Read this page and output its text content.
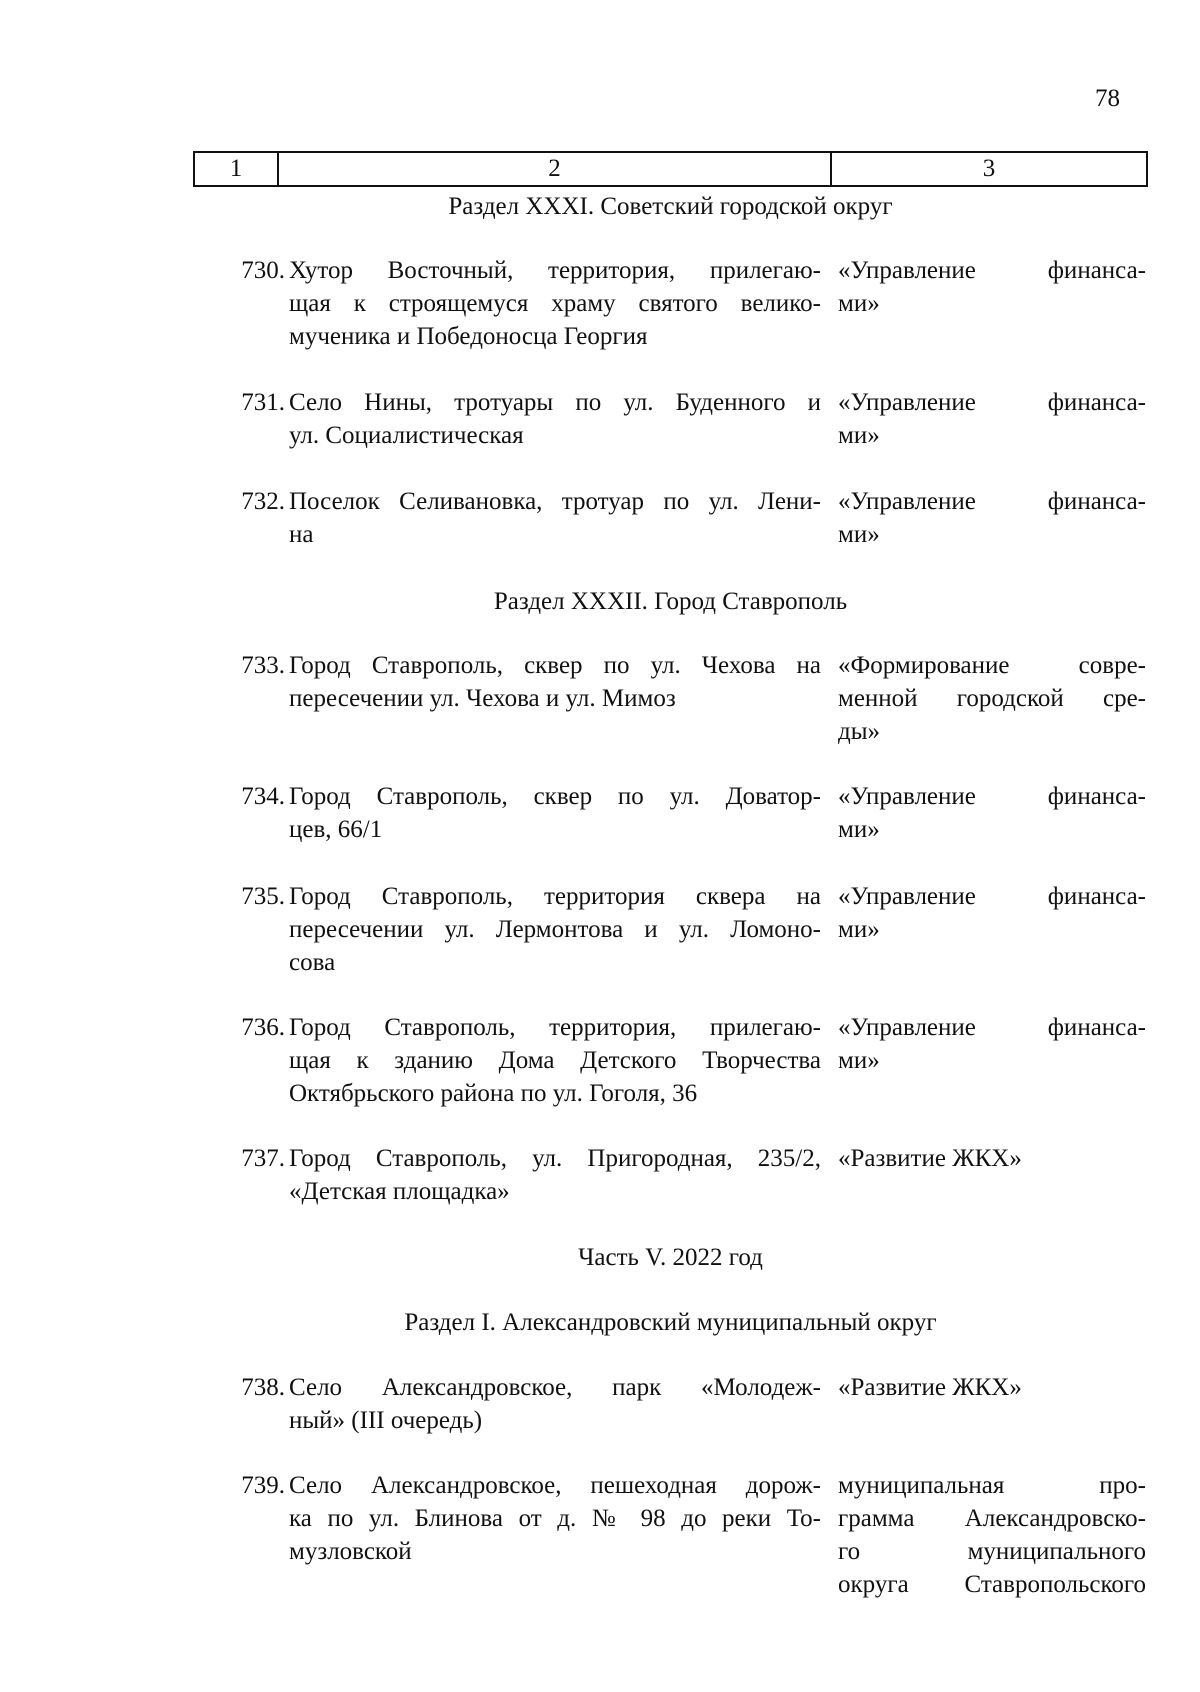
78
1	2	3
Раздел XXXI. Советский городской округ
730. Хутор Восточный, территория, прилегаю-
щая к строящемуся храму святого велико-
мученика и Победоносца Георгия
«Управление финанса-
ми»
731. Село Нины, тротуары по ул. Буденного и
ул. Социалистическая
«Управление финанса-
ми»
732. Поселок Селивановка, тротуар по ул. Лени-
на
«Управление финанса-
ми»
Раздел XXXII. Город Ставрополь
733. Город Ставрополь, сквер по ул. Чехова на
пересечении ул. Чехова и ул. Мимоз
«Формирование совре-
менной городской сре-
ды»
734. Город Ставрополь, сквер по ул. Доватор-
цев, 66/1
«Управление финанса-
ми»
735. Город Ставрополь, территория сквера на
пересечении ул. Лермонтова и ул. Ломоно-
сова
«Управление финанса-
ми»
736. Город Ставрополь, территория, прилегаю-
щая к зданию Дома Детского Творчества
Октябрьского района по ул. Гоголя, 36
«Управление финанса-
ми»
737. Город Ставрополь, ул. Пригородная, 235/2,
«Детская площадка»
«Развитие ЖКХ»
Часть V. 2022 год
Раздел I. Александровский муниципальный округ
738. Село Александровское, парк «Молодеж-
ный» (III очередь)
«Развитие ЖКХ»
739. Село Александровское, пешеходная дорож-
ка по ул. Блинова от д. № 98 до реки То-
музловской
муниципальная про-
грамма Александровско-
го муниципального
округа Ставропольского
